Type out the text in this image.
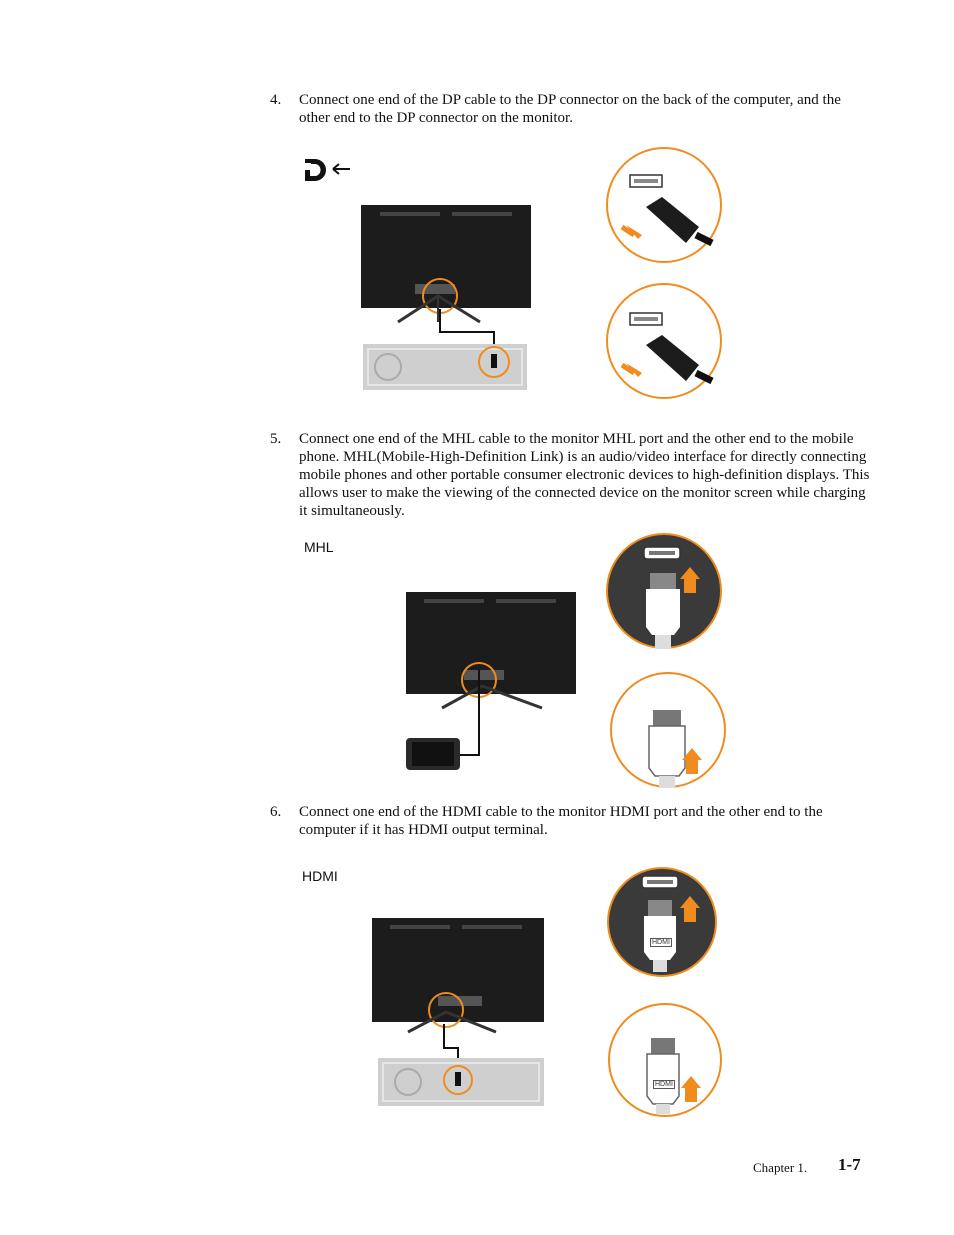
4.	Connect one end of the DP cable to the DP connector on the back of the computer, and the other end to the DP connector on the monitor.
5.	Connect one end of the MHL cable to the monitor MHL port and the other end to the mobile phone. MHL(Mobile-High-Definition Link) is an audio/video interface for directly connecting mobile phones and other portable consumer electronic devices to high-definition displays. This allows user to make the viewing of the connected device on the monitor screen while charging it simultaneously.
MHL
6.	Connect one end of the HDMI cable to the monitor HDMI port and the other end to the computer if it has HDMI output terminal.
HDMI
HDMI
HDMI
Chapter 1. 1-7
